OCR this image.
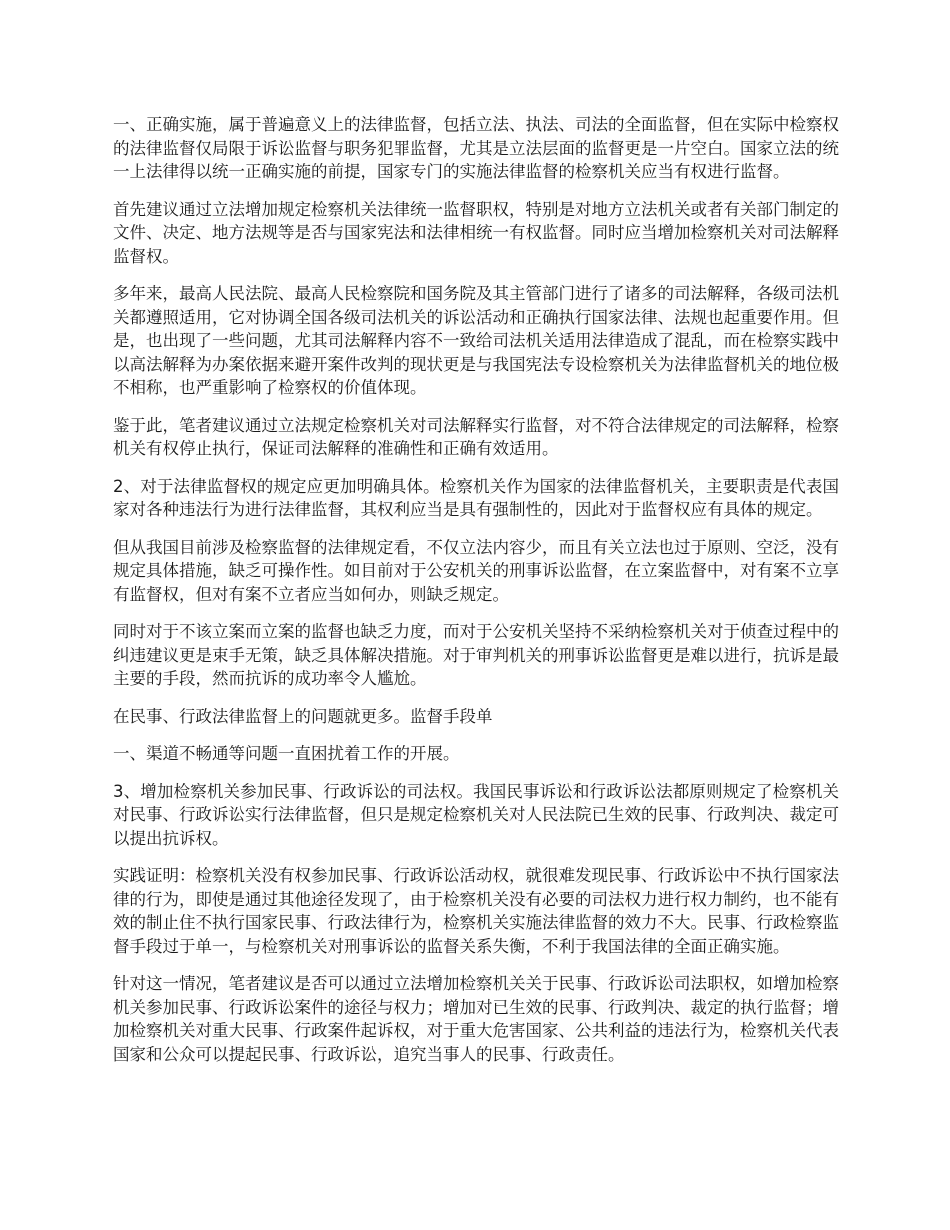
一、正确实施，属于普遍意义上的法律监督，包括立法、执法、司法的全面监督，但在实际中检察权的法律监督仅局限于诉讼监督与职务犯罪监督，尤其是立法层面的监督更是一片空白。国家立法的统一上法律得以统一正确实施的前提，国家专门的实施法律监督的检察机关应当有权进行监督。

首先建议通过立法增加规定检察机关法律统一监督职权，特别是对地方立法机关或者有关部门制定的文件、决定、地方法规等是否与国家宪法和法律相统一有权监督。同时应当增加检察机关对司法解释监督权。

多年来，最高人民法院、最高人民检察院和国务院及其主管部门进行了诸多的司法解释，各级司法机关都遵照适用，它对协调全国各级司法机关的诉讼活动和正确执行国家法律、法规也起重要作用。但是，也出现了一些问题，尤其司法解释内容不一致给司法机关适用法律造成了混乱，而在检察实践中以高法解释为办案依据来避开案件改判的现状更是与我国宪法专设检察机关为法律监督机关的地位极不相称，也严重影响了检察权的价值体现。

鉴于此，笔者建议通过立法规定检察机关对司法解释实行监督，对不符合法律规定的司法解释，检察机关有权停止执行，保证司法解释的准确性和正确有效适用。

2、对于法律监督权的规定应更加明确具体。检察机关作为国家的法律监督机关，主要职责是代表国家对各种违法行为进行法律监督，其权利应当是具有强制性的，因此对于监督权应有具体的规定。

但从我国目前涉及检察监督的法律规定看，不仅立法内容少，而且有关立法也过于原则、空泛，没有规定具体措施，缺乏可操作性。如目前对于公安机关的刑事诉讼监督，在立案监督中，对有案不立享有监督权，但对有案不立者应当如何办，则缺乏规定。

同时对于不该立案而立案的监督也缺乏力度，而对于公安机关坚持不采纳检察机关对于侦查过程中的纠违建议更是束手无策，缺乏具体解决措施。对于审判机关的刑事诉讼监督更是难以进行，抗诉是最主要的手段，然而抗诉的成功率令人尴尬。

在民事、行政法律监督上的问题就更多。监督手段单

一、渠道不畅通等问题一直困扰着工作的开展。

3、增加检察机关参加民事、行政诉讼的司法权。我国民事诉讼和行政诉讼法都原则规定了检察机关对民事、行政诉讼实行法律监督，但只是规定检察机关对人民法院已生效的民事、行政判决、裁定可以提出抗诉权。

实践证明：检察机关没有权参加民事、行政诉讼活动权，就很难发现民事、行政诉讼中不执行国家法律的行为，即使是通过其他途径发现了，由于检察机关没有必要的司法权力进行权力制约，也不能有效的制止住不执行国家民事、行政法律行为，检察机关实施法律监督的效力不大。民事、行政检察监督手段过于单一，与检察机关对刑事诉讼的监督关系失衡，不利于我国法律的全面正确实施。

针对这一情况，笔者建议是否可以通过立法增加检察机关关于民事、行政诉讼司法职权，如增加检察机关参加民事、行政诉讼案件的途径与权力；增加对已生效的民事、行政判决、裁定的执行监督；增加检察机关对重大民事、行政案件起诉权，对于重大危害国家、公共利益的违法行为，检察机关代表国家和公众可以提起民事、行政诉讼，追究当事人的民事、行政责任。
